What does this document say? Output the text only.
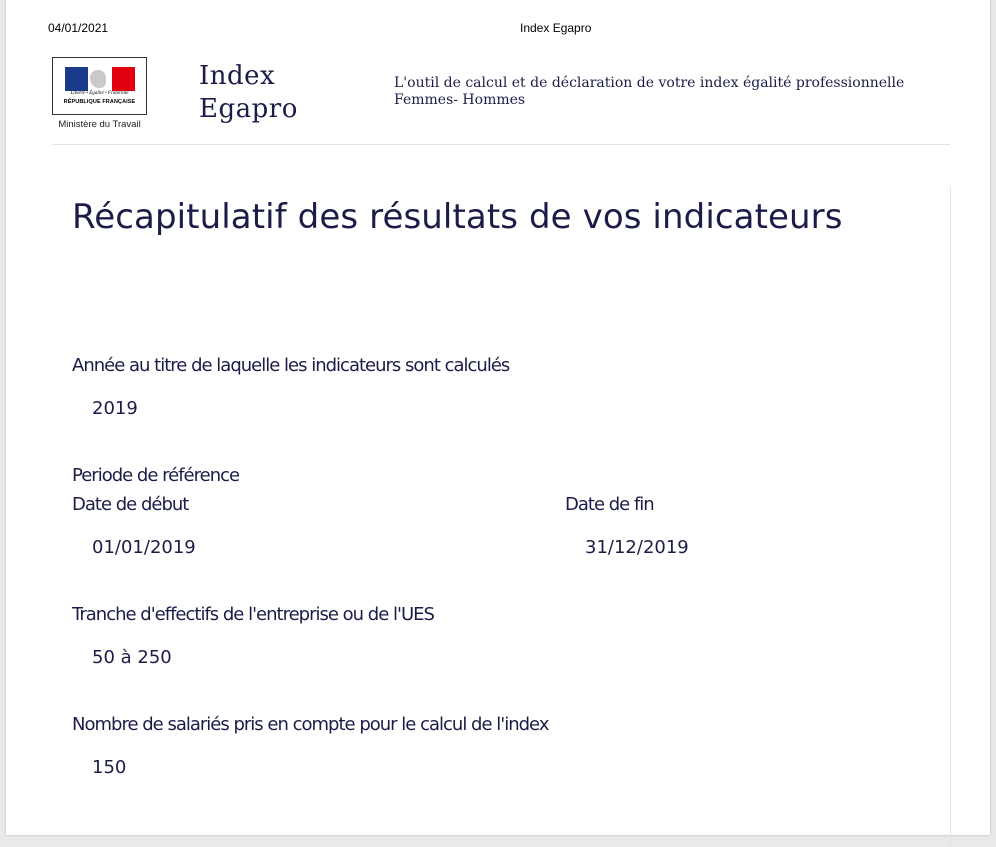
04/01/2021	Index Egapro
Liberté • Égalité • Fraternité
RÉPUBLIQUE FRANÇAISE
Ministère du Travail
Index
Egapro
L'outil de calcul et de déclaration de votre index égalité professionnelle
Femmes- Hommes
Récapitulatif des résultats de vos indicateurs
Année au titre de laquelle les indicateurs sont calculés
2019
Periode de référence
Date de début	Date de fin
01/01/2019	31/12/2019
Tranche d'effectifs de l'entreprise ou de l'UES
50 à 250
Nombre de salariés pris en compte pour le calcul de l'index
150
